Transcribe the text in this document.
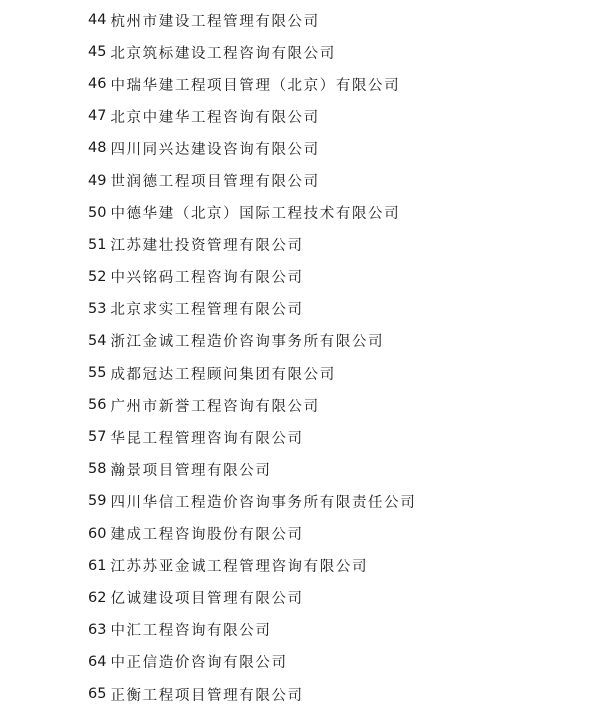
44 杭州市建设工程管理有限公司
45 北京筑标建设工程咨询有限公司
46 中瑞华建工程项目管理（北京）有限公司
47 北京中建华工程咨询有限公司
48 四川同兴达建设咨询有限公司
49 世润德工程项目管理有限公司
50 中德华建（北京）国际工程技术有限公司
51 江苏建壮投资管理有限公司
52 中兴铭码工程咨询有限公司
53 北京求实工程管理有限公司
54 浙江金诚工程造价咨询事务所有限公司
55 成都冠达工程顾问集团有限公司
56 广州市新誉工程咨询有限公司
57 华昆工程管理咨询有限公司
58 瀚景项目管理有限公司
59 四川华信工程造价咨询事务所有限责任公司
60 建成工程咨询股份有限公司
61 江苏苏亚金诚工程管理咨询有限公司
62 亿诚建设项目管理有限公司
63 中汇工程咨询有限公司
64 中正信造价咨询有限公司
65 正衡工程项目管理有限公司
